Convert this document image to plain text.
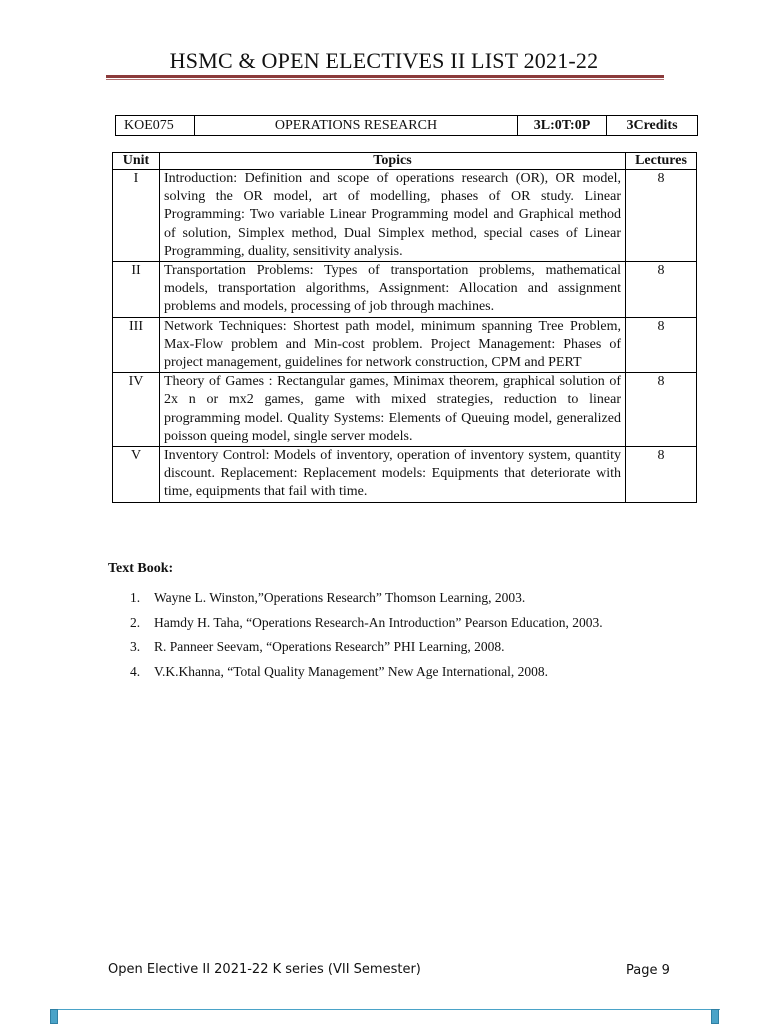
HSMC & OPEN ELECTIVES II LIST 2021-22
KOE075	OPERATIONS RESEARCH	3L:0T:0P	3Credits
Unit	Topics	Lectures
I	Introduction: Definition and scope of operations research (OR), OR model, solving the OR model, art of modelling, phases of OR study. Linear Programming: Two variable Linear Programming model and Graphical method of solution, Simplex method, Dual Simplex method, special cases of Linear Programming, duality, sensitivity analysis.	8
II	Transportation Problems: Types of transportation problems, mathematical models, transportation algorithms, Assignment: Allocation and assignment problems and models, processing of job through machines.	8
III	Network Techniques: Shortest path model, minimum spanning Tree Problem, Max-Flow problem and Min-cost problem. Project Management: Phases of project management, guidelines for network construction, CPM and PERT	8
IV	Theory of Games : Rectangular games, Minimax theorem, graphical solution of 2x n or mx2 games, game with mixed strategies, reduction to linear programming model. Quality Systems: Elements of Queuing model, generalized poisson queing model, single server models.	8
V	Inventory Control: Models of inventory, operation of inventory system, quantity discount. Replacement: Replacement models: Equipments that deteriorate with time, equipments that fail with time.	8
Text Book:
1. Wayne L. Winston,”Operations Research” Thomson Learning, 2003.
2. Hamdy H. Taha, “Operations Research-An Introduction” Pearson Education, 2003.
3. R. Panneer Seevam, “Operations Research” PHI Learning, 2008.
4. V.K.Khanna, “Total Quality Management” New Age International, 2008.
Open Elective II 2021-22 K series (VII Semester)	Page 9
